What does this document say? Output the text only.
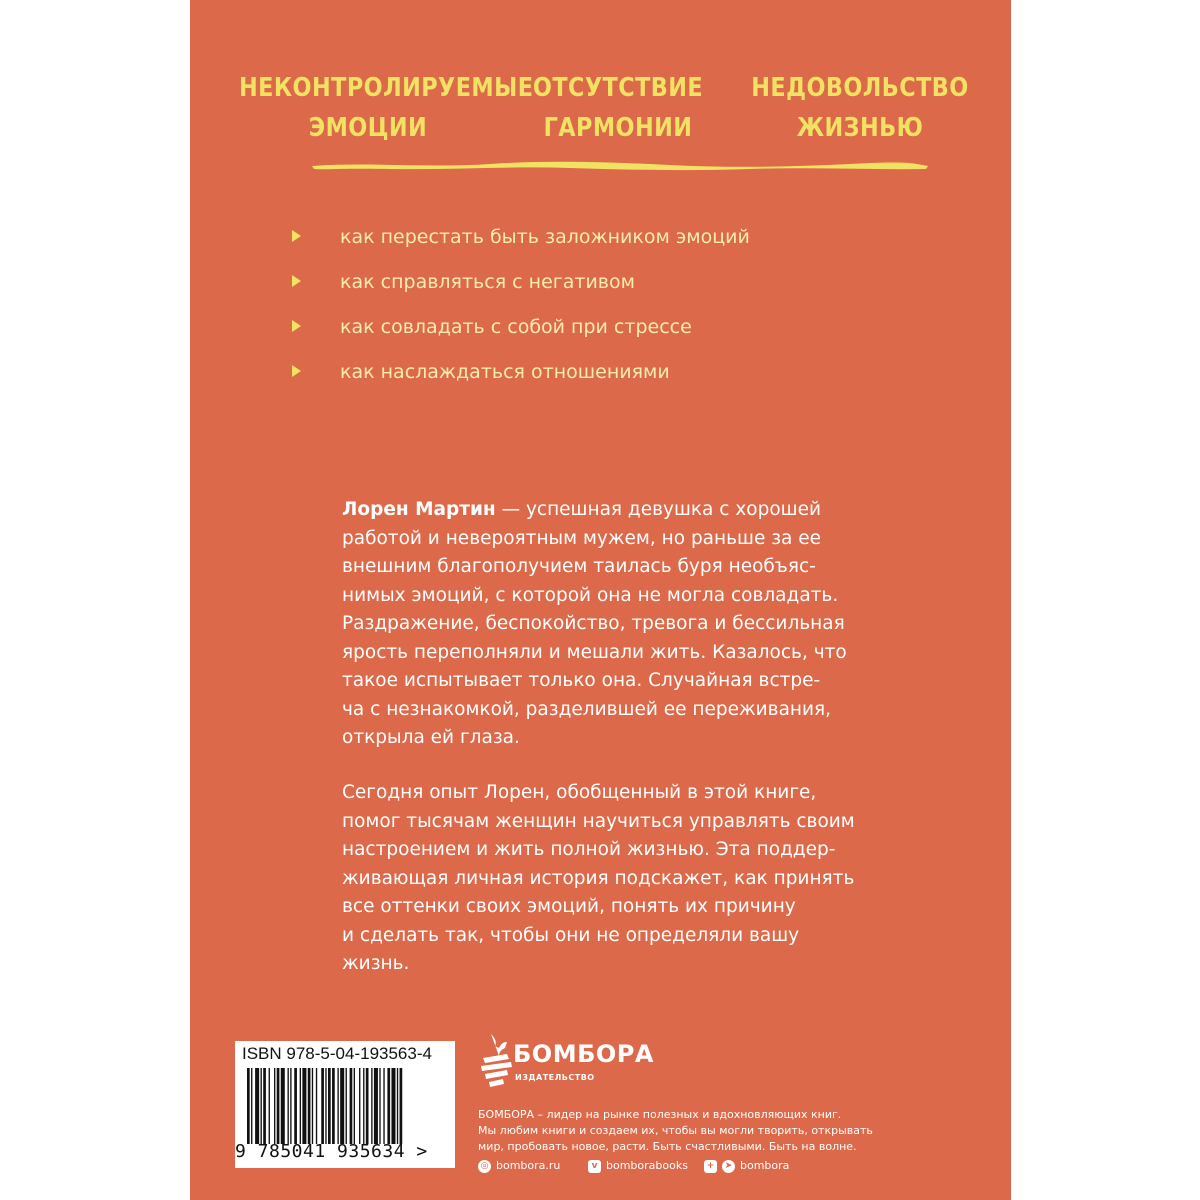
НЕКОНТРОЛИРУЕМЫЕ
ЭМОЦИИ
ОТСУТСТВИЕ
ГАРМОНИИ
НЕДОВОЛЬСТВО
ЖИЗНЬЮ
как перестать быть заложником эмоций
как справляться с негативом
как совладать с собой при стрессе
как наслаждаться отношениями

Лорен Мартин — успешная девушка с хорошей
работой и невероятным мужем, но раньше за ее
внешним благополучием таилась буря необъяс-
нимых эмоций, с которой она не могла совладать.
Раздражение, беспокойство, тревога и бессильная
ярость переполняли и мешали жить. Казалось, что
такое испытывает только она. Случайная встре-
ча с незнакомкой, разделившей ее переживания,
открыла ей глаза.

Сегодня опыт Лорен, обобщенный в этой книге,
помог тысячам женщин научиться управлять своим
настроением и жить полной жизнью. Эта поддер-
живающая личная история подскажет, как принять
все оттенки своих эмоций, понять их причину
и сделать так, чтобы они не определяли вашу
жизнь.

ISBN 978-5-04-193563-4
9 785041 935634 >
БОМБОРА
ИЗДАТЕЛЬСТВО
БОМБОРА – лидер на рынке полезных и вдохновляющих книг.
Мы любим книги и создаем их, чтобы вы могли творить, открывать
мир, пробовать новое, расти. Быть счастливыми. Быть на волне.
◎ bombora.ru	v bomborabooks	+ ➤ bombora
